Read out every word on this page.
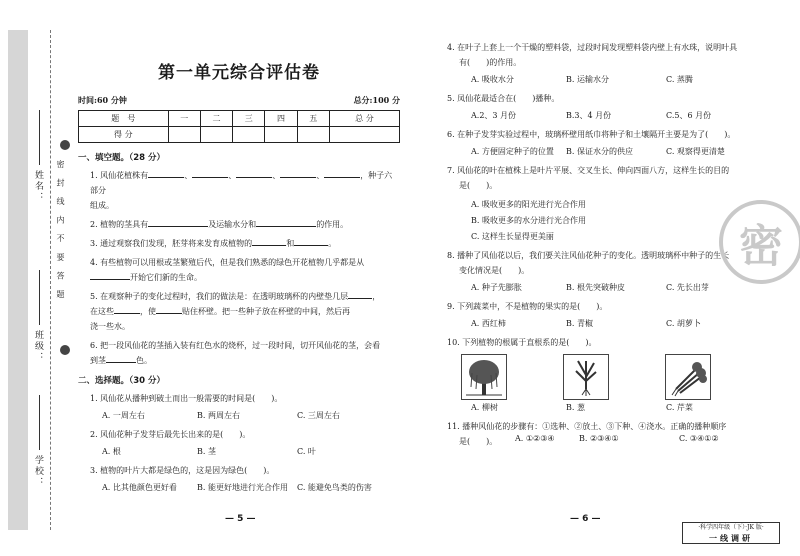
姓名：
班级：
学校：
密 封 线 内 不 要 答 题
第一单元综合评估卷
时间:60 分钟	总分:100 分
题　号	一	二	三	四	五	总 分
得 分						
一、填空题。（28 分）
1. 风仙花植株有	、	、	、	、	，种子六部分
组成。
2. 植物的茎具有	及运输水分和	的作用。
3. 通过观察我们发现，胚芽将来发育成植物的	和	。
4. 有些植物可以用根或茎繁殖后代，但是我们熟悉的绿色开花植物几乎都是从
开始它们新的生命。
5. 在观察种子的变化过程时，我们的做法是：在透明玻璃杯的内壁垫几层	，
在这些	，使	贴住杯壁。把一些种子放在杯壁的中间，然后再
浇一些水。
6. 把一段风仙花的茎插入装有红色水的烧杯，过一段时间，切开风仙花的茎，会看
到茎	色。
二、选择题。（30 分）
1. 风仙花从播种到破土而出一般需要的时间是(　　)。
A. 一周左右	B. 两周左右	C. 三周左右
2. 风仙花种子发芽后最先长出来的是(　　)。
A. 根	B. 茎	C. 叶
3. 植物的叶片大都是绿色的，这是因为绿色(　　)。
A. 比其他颜色更好看	B. 能更好地进行光合作用	C. 能避免鸟类的伤害
— 5 —
4. 在叶子上套上一个干燥的塑料袋，过段时间发现塑料袋内壁上有水珠，说明叶具
有(　　)的作用。
A. 吸收水分	B. 运输水分	C. 蒸腾
5. 凤仙花最适合在(　　)播种。
A.2、3 月份	B.3、4 月份	C.5、6 月份
6. 在种子发芽实验过程中，玻璃杯壁用纸巾将种子和土壤隔开主要是为了(　　)。
A. 方便固定种子的位置	B. 保证水分的供应	C. 观察得更清楚
7. 风仙花的叶在植株上是叶片平展、交叉生长、伸向四面八方，这样生长的目的
是(　　)。
A. 吸收更多的阳光进行光合作用
B. 吸收更多的水分进行光合作用
C. 这样生长显得更美丽
8. 播种了风仙花以后，我们要关注风仙花种子的变化。透明玻璃杯中种子的生长
变化情况是(　　)。
A. 种子先膨胀	B. 根先突破种皮	C. 先长出芽
9. 下列蔬菜中，不是植物的果实的是(　　)。
A. 西红柿	B. 青椒	C. 胡萝卜
10. 下列植物的根属于直根系的是(　　)。
A. 柳树	B. 葱	C. 芹菜
11. 播种风仙花的步骤有：①选种、②放土、③下种、④浇水。正确的播种顺序
是(　　)。	A. ①②③④	B. ②③④①	C. ③④①②
密
— 6 —
·科学四年级（下）·JK 版·
一线调研
